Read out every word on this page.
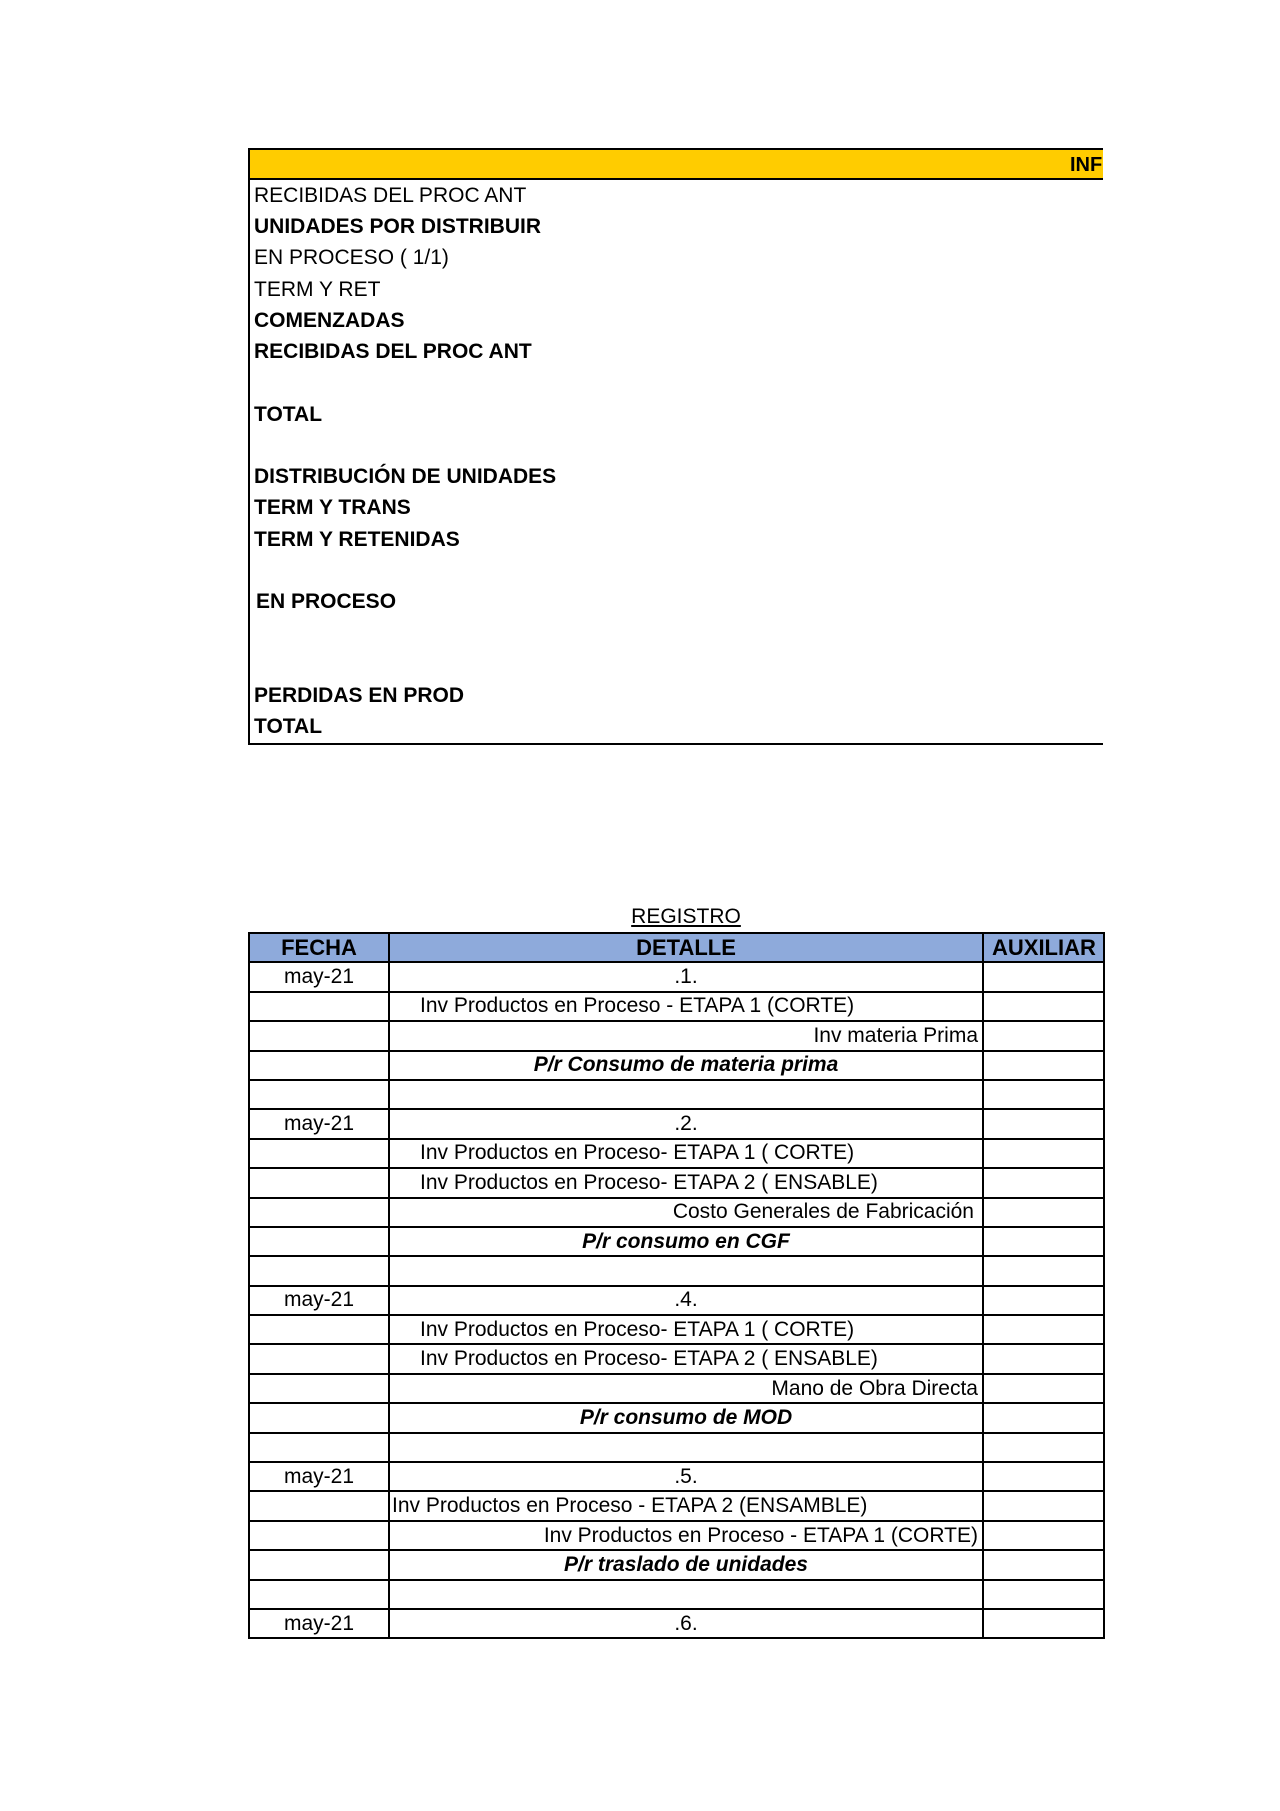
INF
RECIBIDAS DEL PROC ANT
UNIDADES POR DISTRIBUIR
EN PROCESO ( 1/1)
TERM Y RET
COMENZADAS
RECIBIDAS DEL PROC ANT
TOTAL
DISTRIBUCIÓN DE UNIDADES
TERM Y TRANS
TERM Y RETENIDAS
EN PROCESO
PERDIDAS EN PROD
TOTAL
REGISTRO
FECHA	DETALLE	AUXILIAR
may-21	.1.	
	Inv Productos en Proceso - ETAPA 1 (CORTE)	
	Inv materia Prima	
	P/r Consumo de materia prima	

may-21	.2.	
	Inv Productos en Proceso- ETAPA 1 ( CORTE)	
	Inv Productos en Proceso- ETAPA 2 ( ENSABLE)	
	Costo Generales de Fabricación	
	P/r consumo en CGF	

may-21	.4.	
	Inv Productos en Proceso- ETAPA 1 ( CORTE)	
	Inv Productos en Proceso- ETAPA 2 ( ENSABLE)	
	Mano de Obra Directa	
	P/r consumo de MOD	

may-21	.5.	
	Inv Productos en Proceso - ETAPA 2 (ENSAMBLE)	
	Inv Productos en Proceso - ETAPA 1 (CORTE)	
	P/r traslado de unidades	

may-21	.6.	
